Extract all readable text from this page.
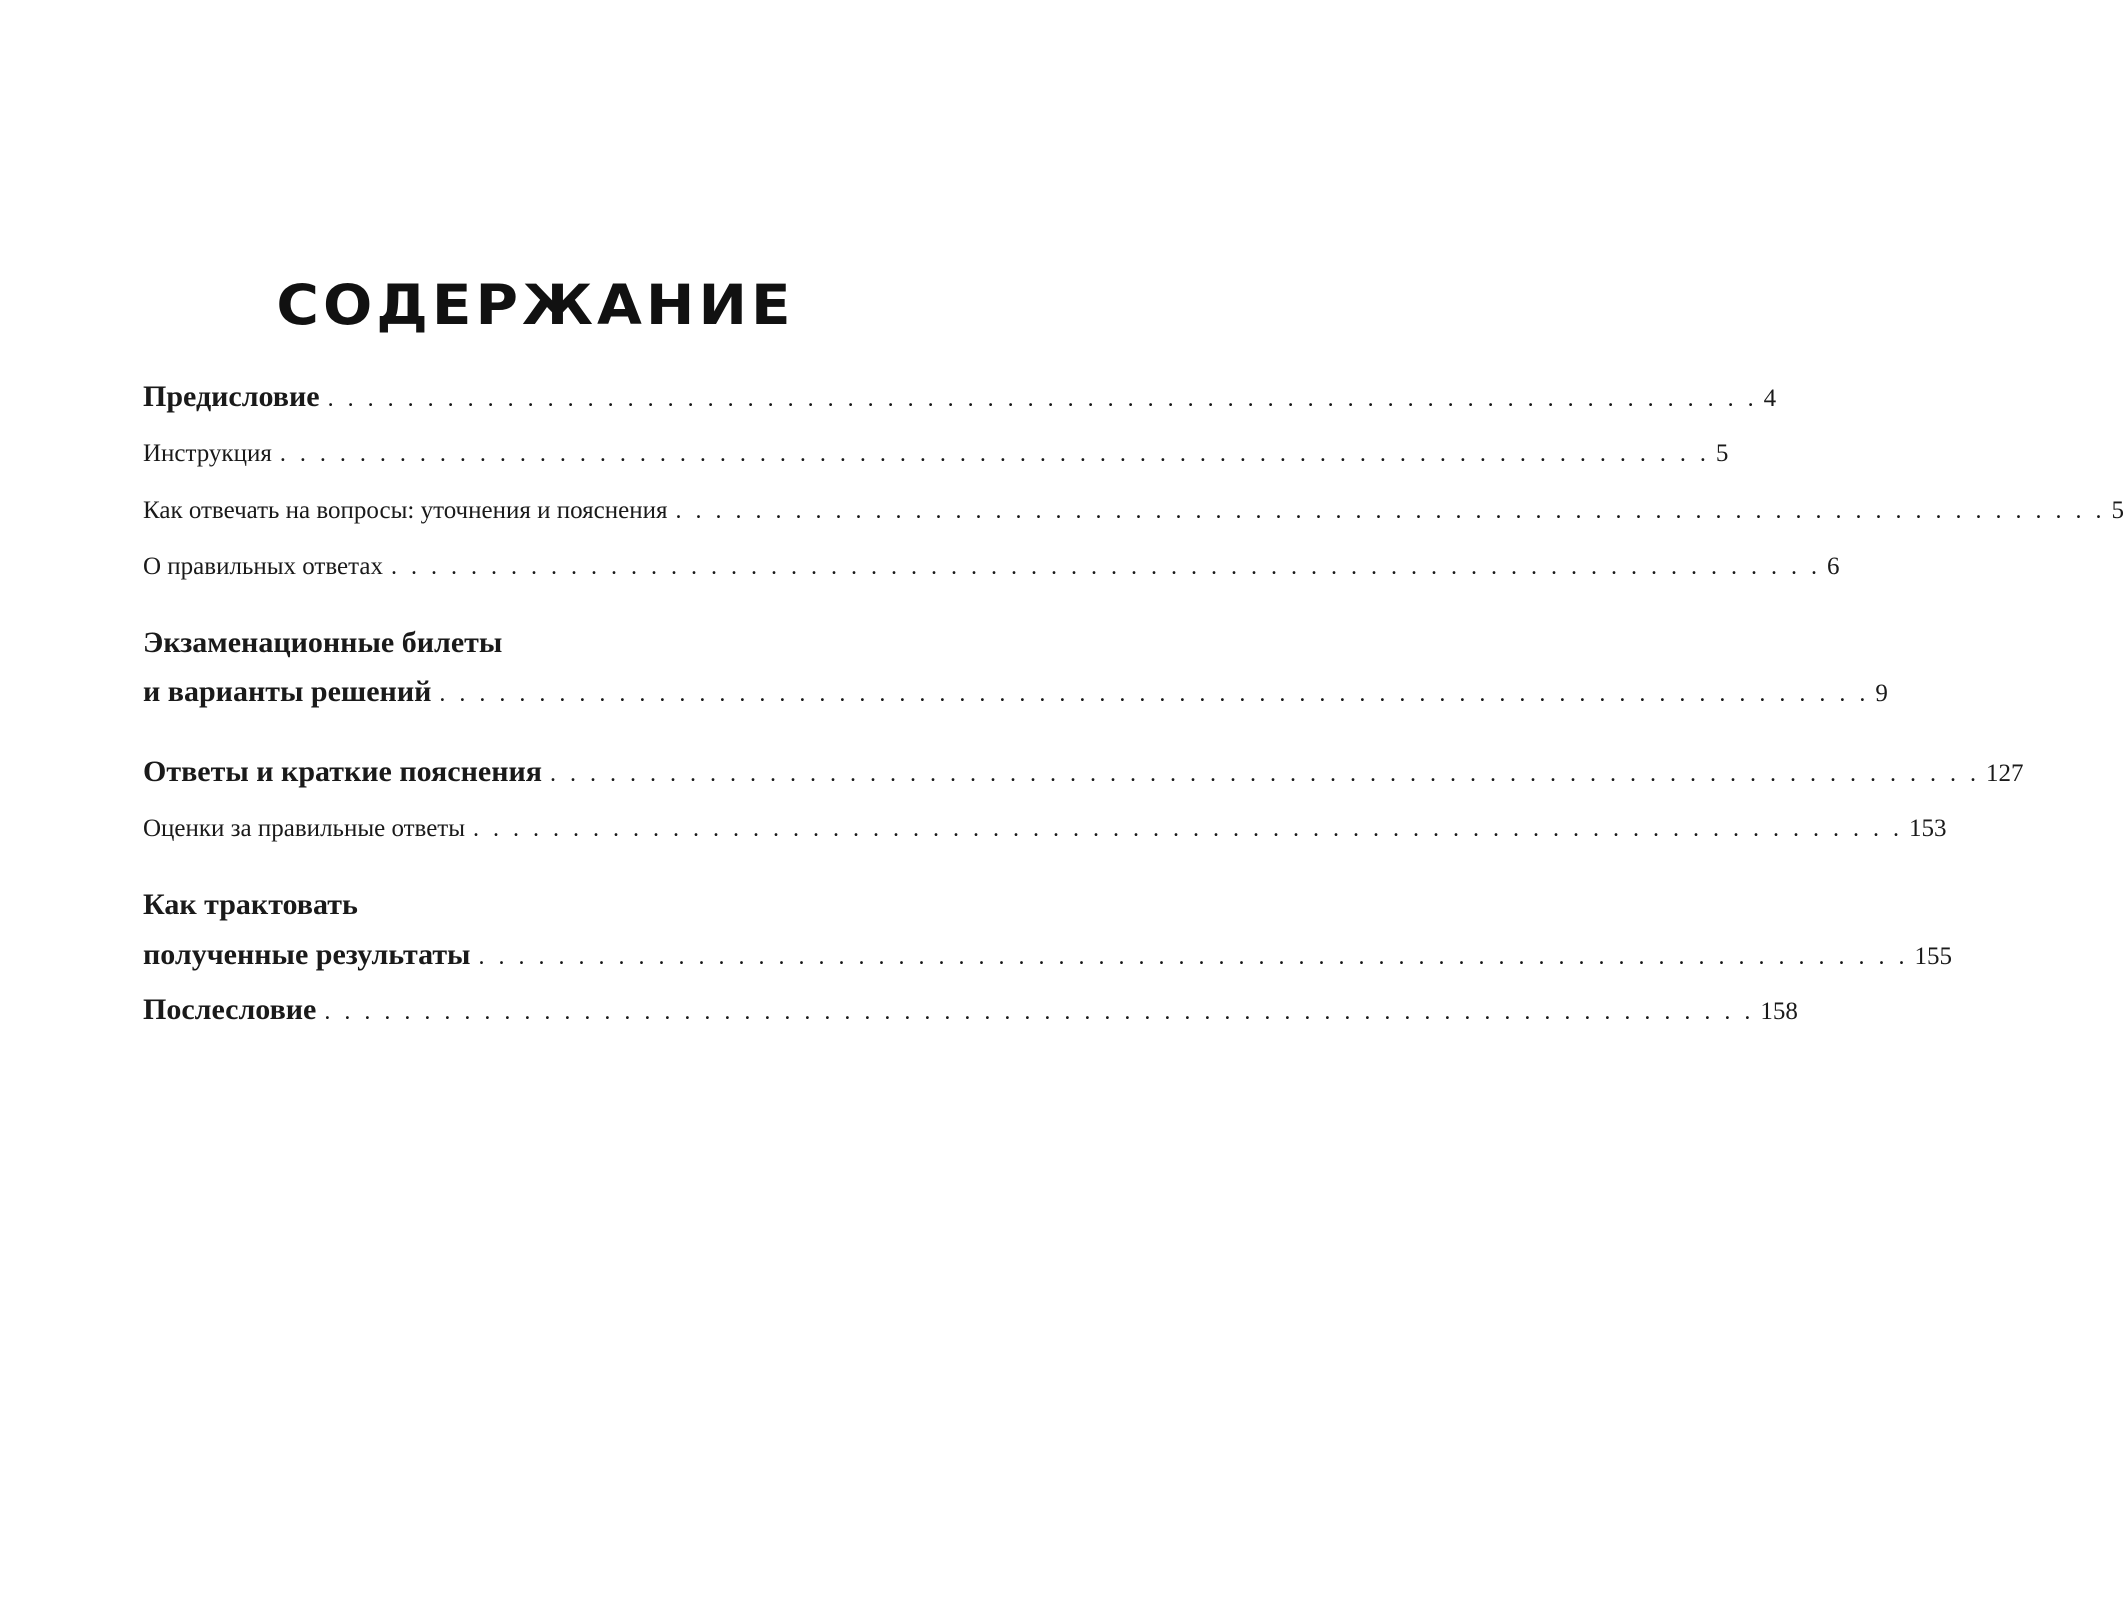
СОДЕРЖАНИЕ
Предисловие . . . . . . . . . . . . . . . . . . . . . . . . . . . . . . . . . . . . . . . . . . . . . . . . . . . . . . . . . . . . . . . . . . . . . . . . 4
Инструкция . . . . . . . . . . . . . . . . . . . . . . . . . . . . . . . . . . . . . . . . . . . . . . . . . . . . . . . . . . . . . . . . . . . . . . . . 5
Как отвечать на вопросы: уточнения и пояснения . . . . . . . . . . . . . . . . . . . . . . . . . . . . . . . . . . . . . . . . . . . . . . . . . . . . . . . . . . . . . . . . . . . . . . . . 5
О правильных ответах . . . . . . . . . . . . . . . . . . . . . . . . . . . . . . . . . . . . . . . . . . . . . . . . . . . . . . . . . . . . . . . . . . . . . . . . 6
Экзаменационные билеты
и варианты решений . . . . . . . . . . . . . . . . . . . . . . . . . . . . . . . . . . . . . . . . . . . . . . . . . . . . . . . . . . . . . . . . . . . . . . . . 9
Ответы и краткие пояснения . . . . . . . . . . . . . . . . . . . . . . . . . . . . . . . . . . . . . . . . . . . . . . . . . . . . . . . . . . . . . . . . . . . . . . . . 127
Оценки за правильные ответы . . . . . . . . . . . . . . . . . . . . . . . . . . . . . . . . . . . . . . . . . . . . . . . . . . . . . . . . . . . . . . . . . . . . . . . . 153
Как трактовать
полученные результаты . . . . . . . . . . . . . . . . . . . . . . . . . . . . . . . . . . . . . . . . . . . . . . . . . . . . . . . . . . . . . . . . . . . . . . . . 155
Послесловие . . . . . . . . . . . . . . . . . . . . . . . . . . . . . . . . . . . . . . . . . . . . . . . . . . . . . . . . . . . . . . . . . . . . . . . . 158
